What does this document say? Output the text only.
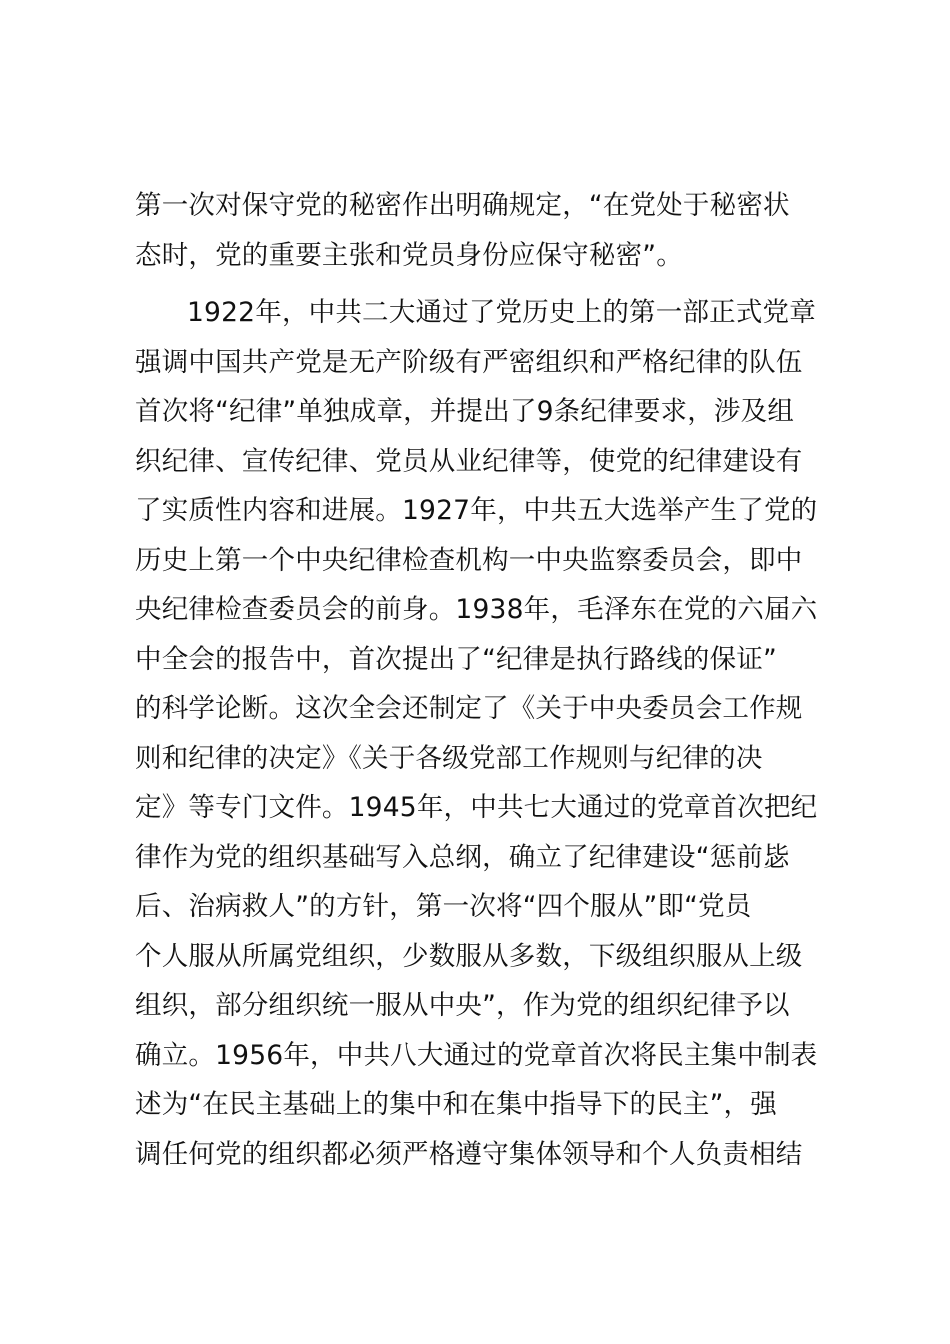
第一次对保守党的秘密作出明确规定，“在党处于秘密状
态时，党的重要主张和党员身份应保守秘密”。
1922年，中共二大通过了党历史上的第一部正式党章
强调中国共产党是无产阶级有严密组织和严格纪律的队伍
首次将“纪律”单独成章，并提出了9条纪律要求，涉及组
织纪律、宣传纪律、党员从业纪律等，使党的纪律建设有
了实质性内容和进展。1927年，中共五大选举产生了党的
历史上第一个中央纪律检查机构一中央监察委员会，即中
央纪律检查委员会的前身。1938年，毛泽东在党的六届六
中全会的报告中，首次提出了“纪律是执行路线的保证”
的科学论断。这次全会还制定了《关于中央委员会工作规
则和纪律的决定》《关于各级党部工作规则与纪律的决
定》等专门文件。1945年，中共七大通过的党章首次把纪
律作为党的组织基础写入总纲，确立了纪律建设“惩前毖
后、治病救人”的方针，第一次将“四个服从”即“党员
个人服从所属党组织，少数服从多数，下级组织服从上级
组织，部分组织统一服从中央”，作为党的组织纪律予以
确立。1956年，中共八大通过的党章首次将民主集中制表
述为“在民主基础上的集中和在集中指导下的民主”，强
调任何党的组织都必须严格遵守集体领导和个人负责相结
